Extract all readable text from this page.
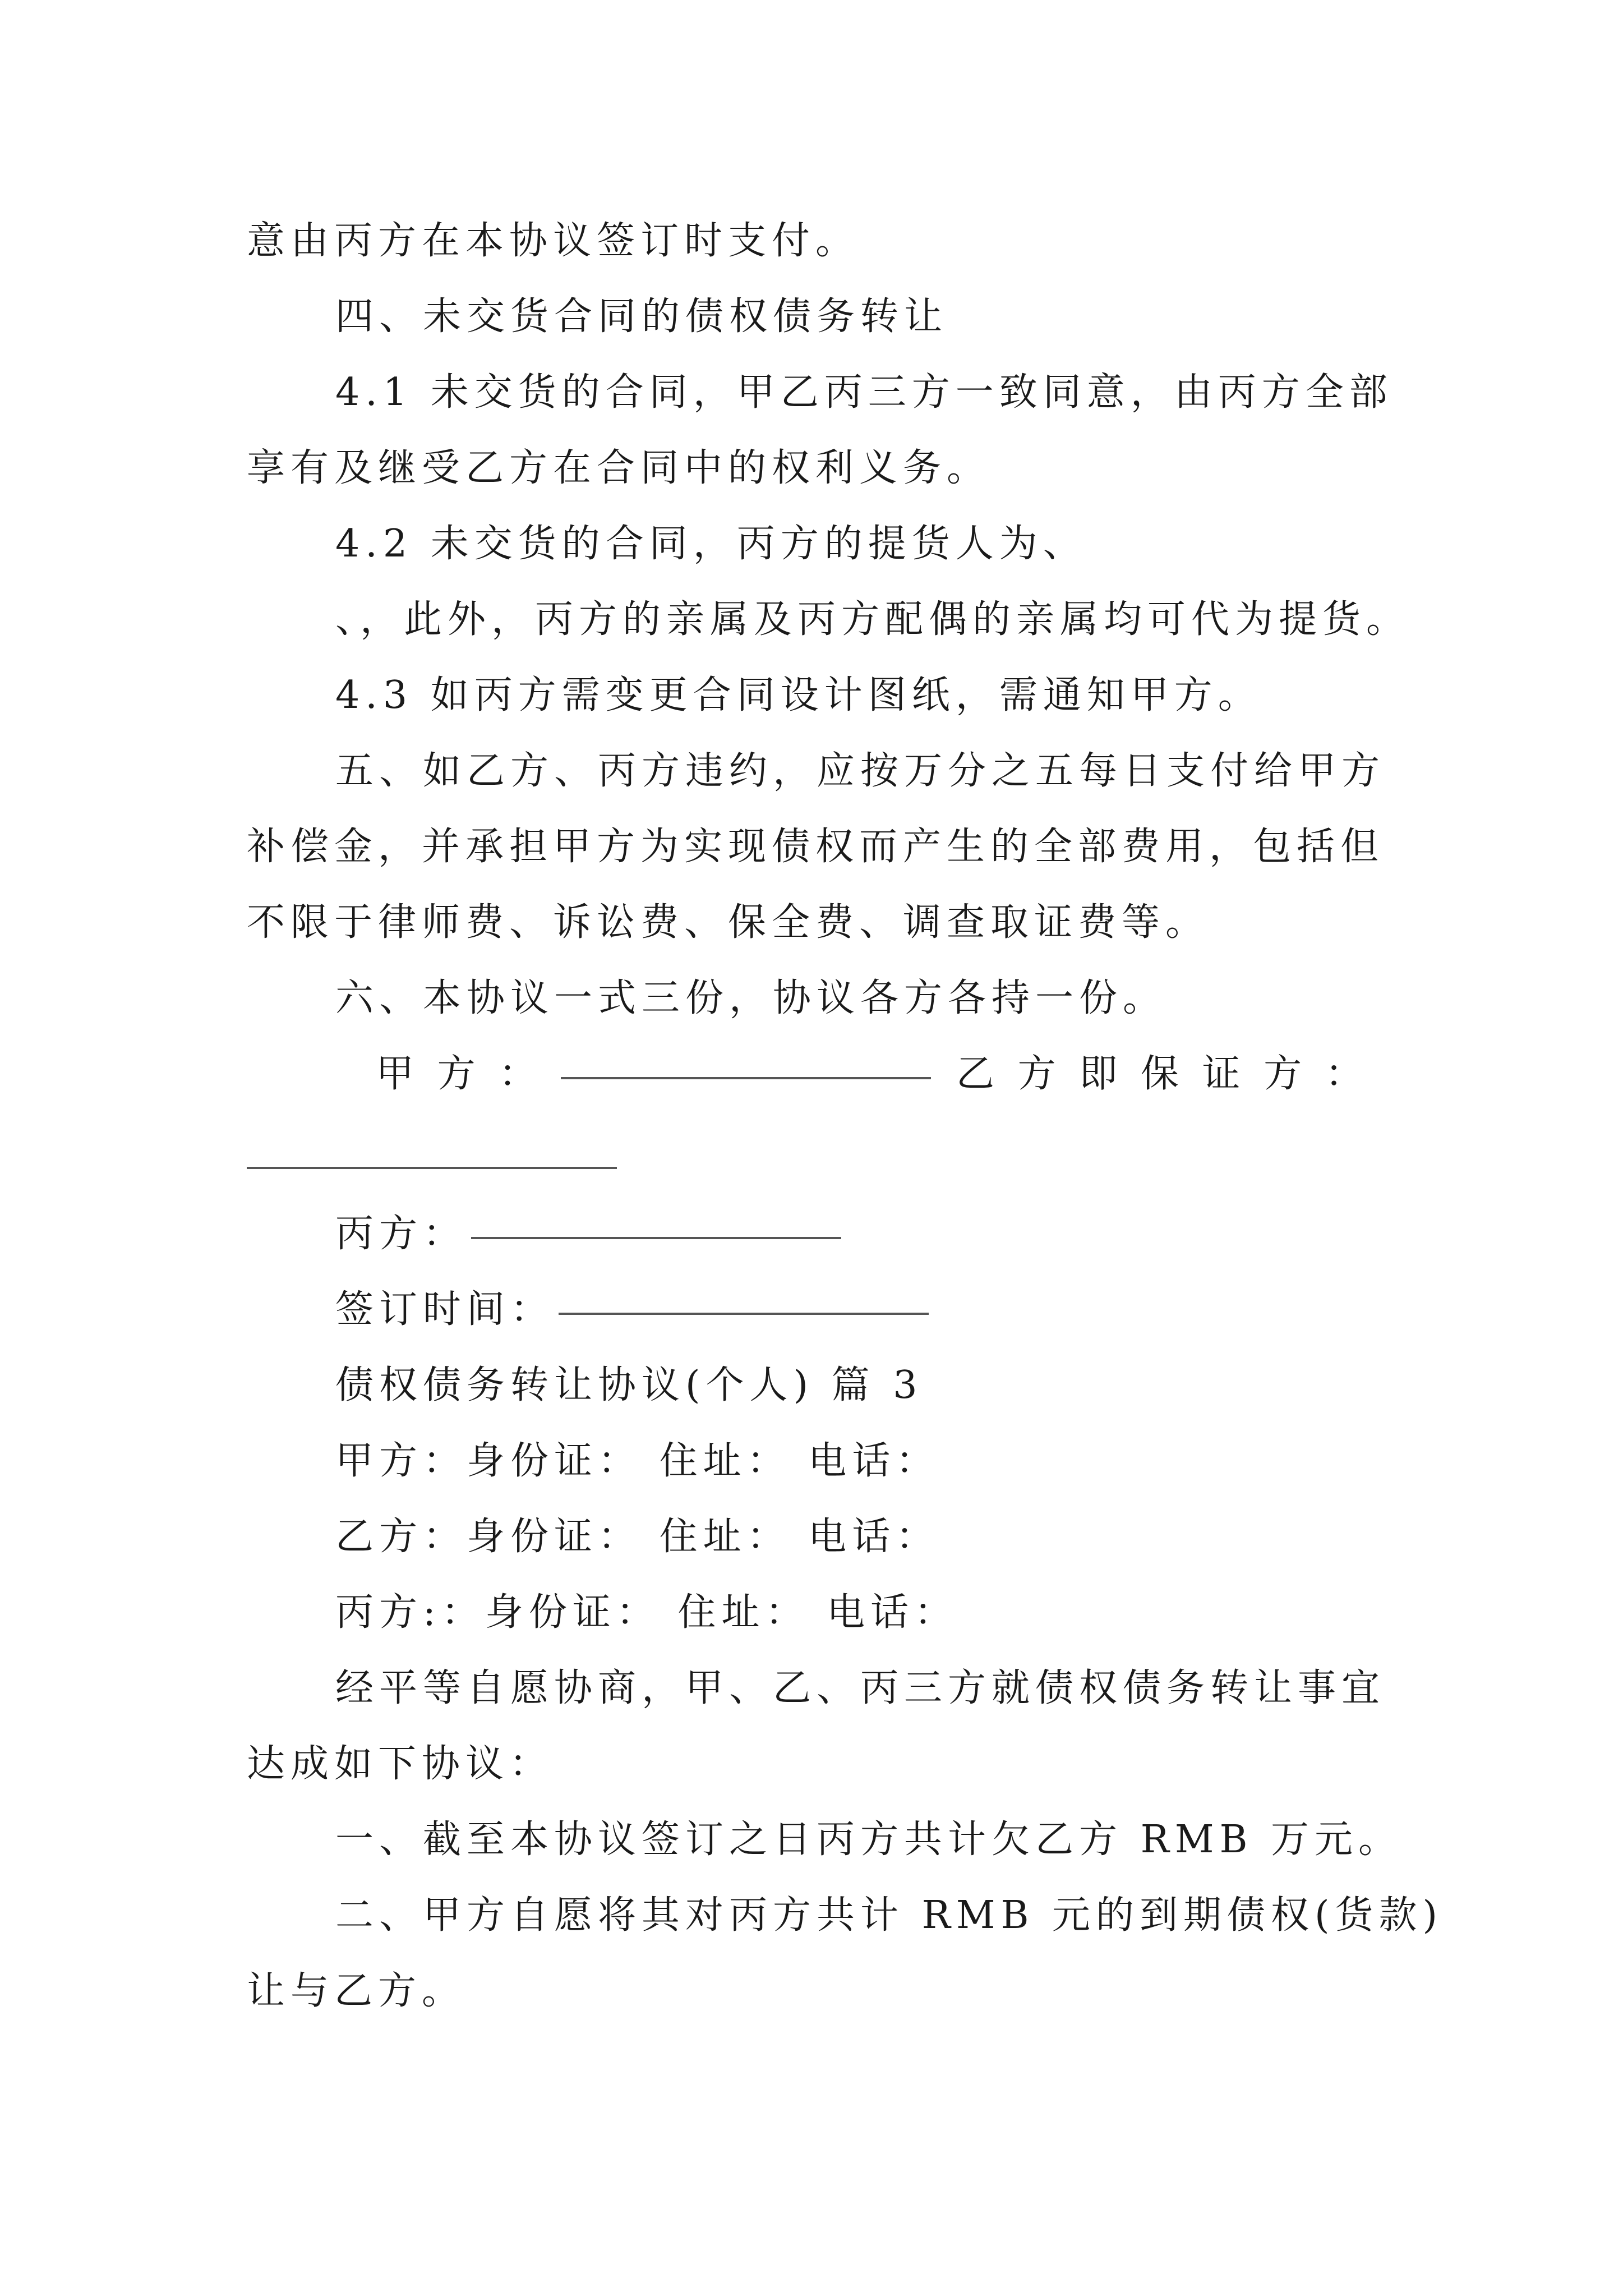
意由丙方在本协议签订时支付。
四、未交货合同的债权债务转让
4.1 未交货的合同，甲乙丙三方一致同意，由丙方全部
享有及继受乙方在合同中的权利义务。
4.2 未交货的合同，丙方的提货人为、
、，此外，丙方的亲属及丙方配偶的亲属均可代为提货。
4.3 如丙方需变更合同设计图纸，需通知甲方。
五、如乙方、丙方违约，应按万分之五每日支付给甲方
补偿金，并承担甲方为实现债权而产生的全部费用，包括但
不限于律师费、诉讼费、保全费、调查取证费等。
六、本协议一式三份，协议各方各持一份。
甲 方 ：	乙 方 即 保 证 方 ：
丙方：
签订时间：
债权债务转让协议(个人) 篇 3
甲方：身份证： 住址： 电话：
乙方：身份证： 住址： 电话：
丙方:：身份证： 住址： 电话：
经平等自愿协商，甲、乙、丙三方就债权债务转让事宜
达成如下协议：
一、截至本协议签订之日丙方共计欠乙方 RMB 万元。
二、甲方自愿将其对丙方共计 RMB 元的到期债权(货款)
让与乙方。
